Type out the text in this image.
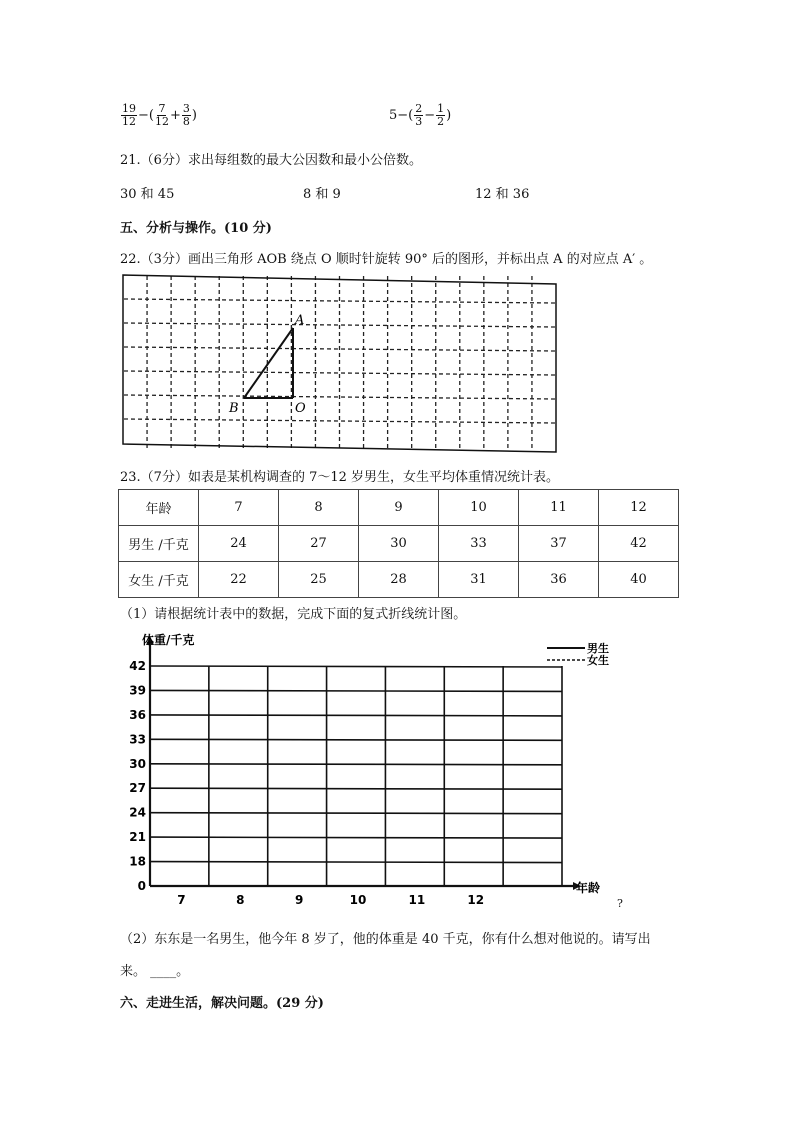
$\frac{19}{12}$ −( $\frac{7}{12} + \frac{3}{8}$ )	5 −( $\frac{2}{3} - \frac{1}{2}$ )
21.（6分）求出每组数的最大公因数和最小公倍数。
30 和 45	8 和 9	12 和 36
五、分析与操作。(10 分)
22.（3分）画出三角形 AOB 绕点 O 顺时针旋转 90° 后的图形，并标出点 A 的对应点 A′ 。
A
B	O
23.（7分）如表是某机构调查的 7～12 岁男生，女生平均体重情况统计表。
年龄	7	8	9	10	11	12
男生 /千克	24	27	30	33	37	42
女生 /千克	22	25	28	31	36	40
（1）请根据统计表中的数据，完成下面的复式折线统计图。
42
39
36
33
30
27
24
21
18
0
7	8	9	10	11	12
体重/千克
年龄
男生
女生
?
（2）东东是一名男生，他今年 8 岁了，他的体重是 40 千克，你有什么想对他说的。请写出
来。 ____。
六、走进生活，解决问题。(29 分)
